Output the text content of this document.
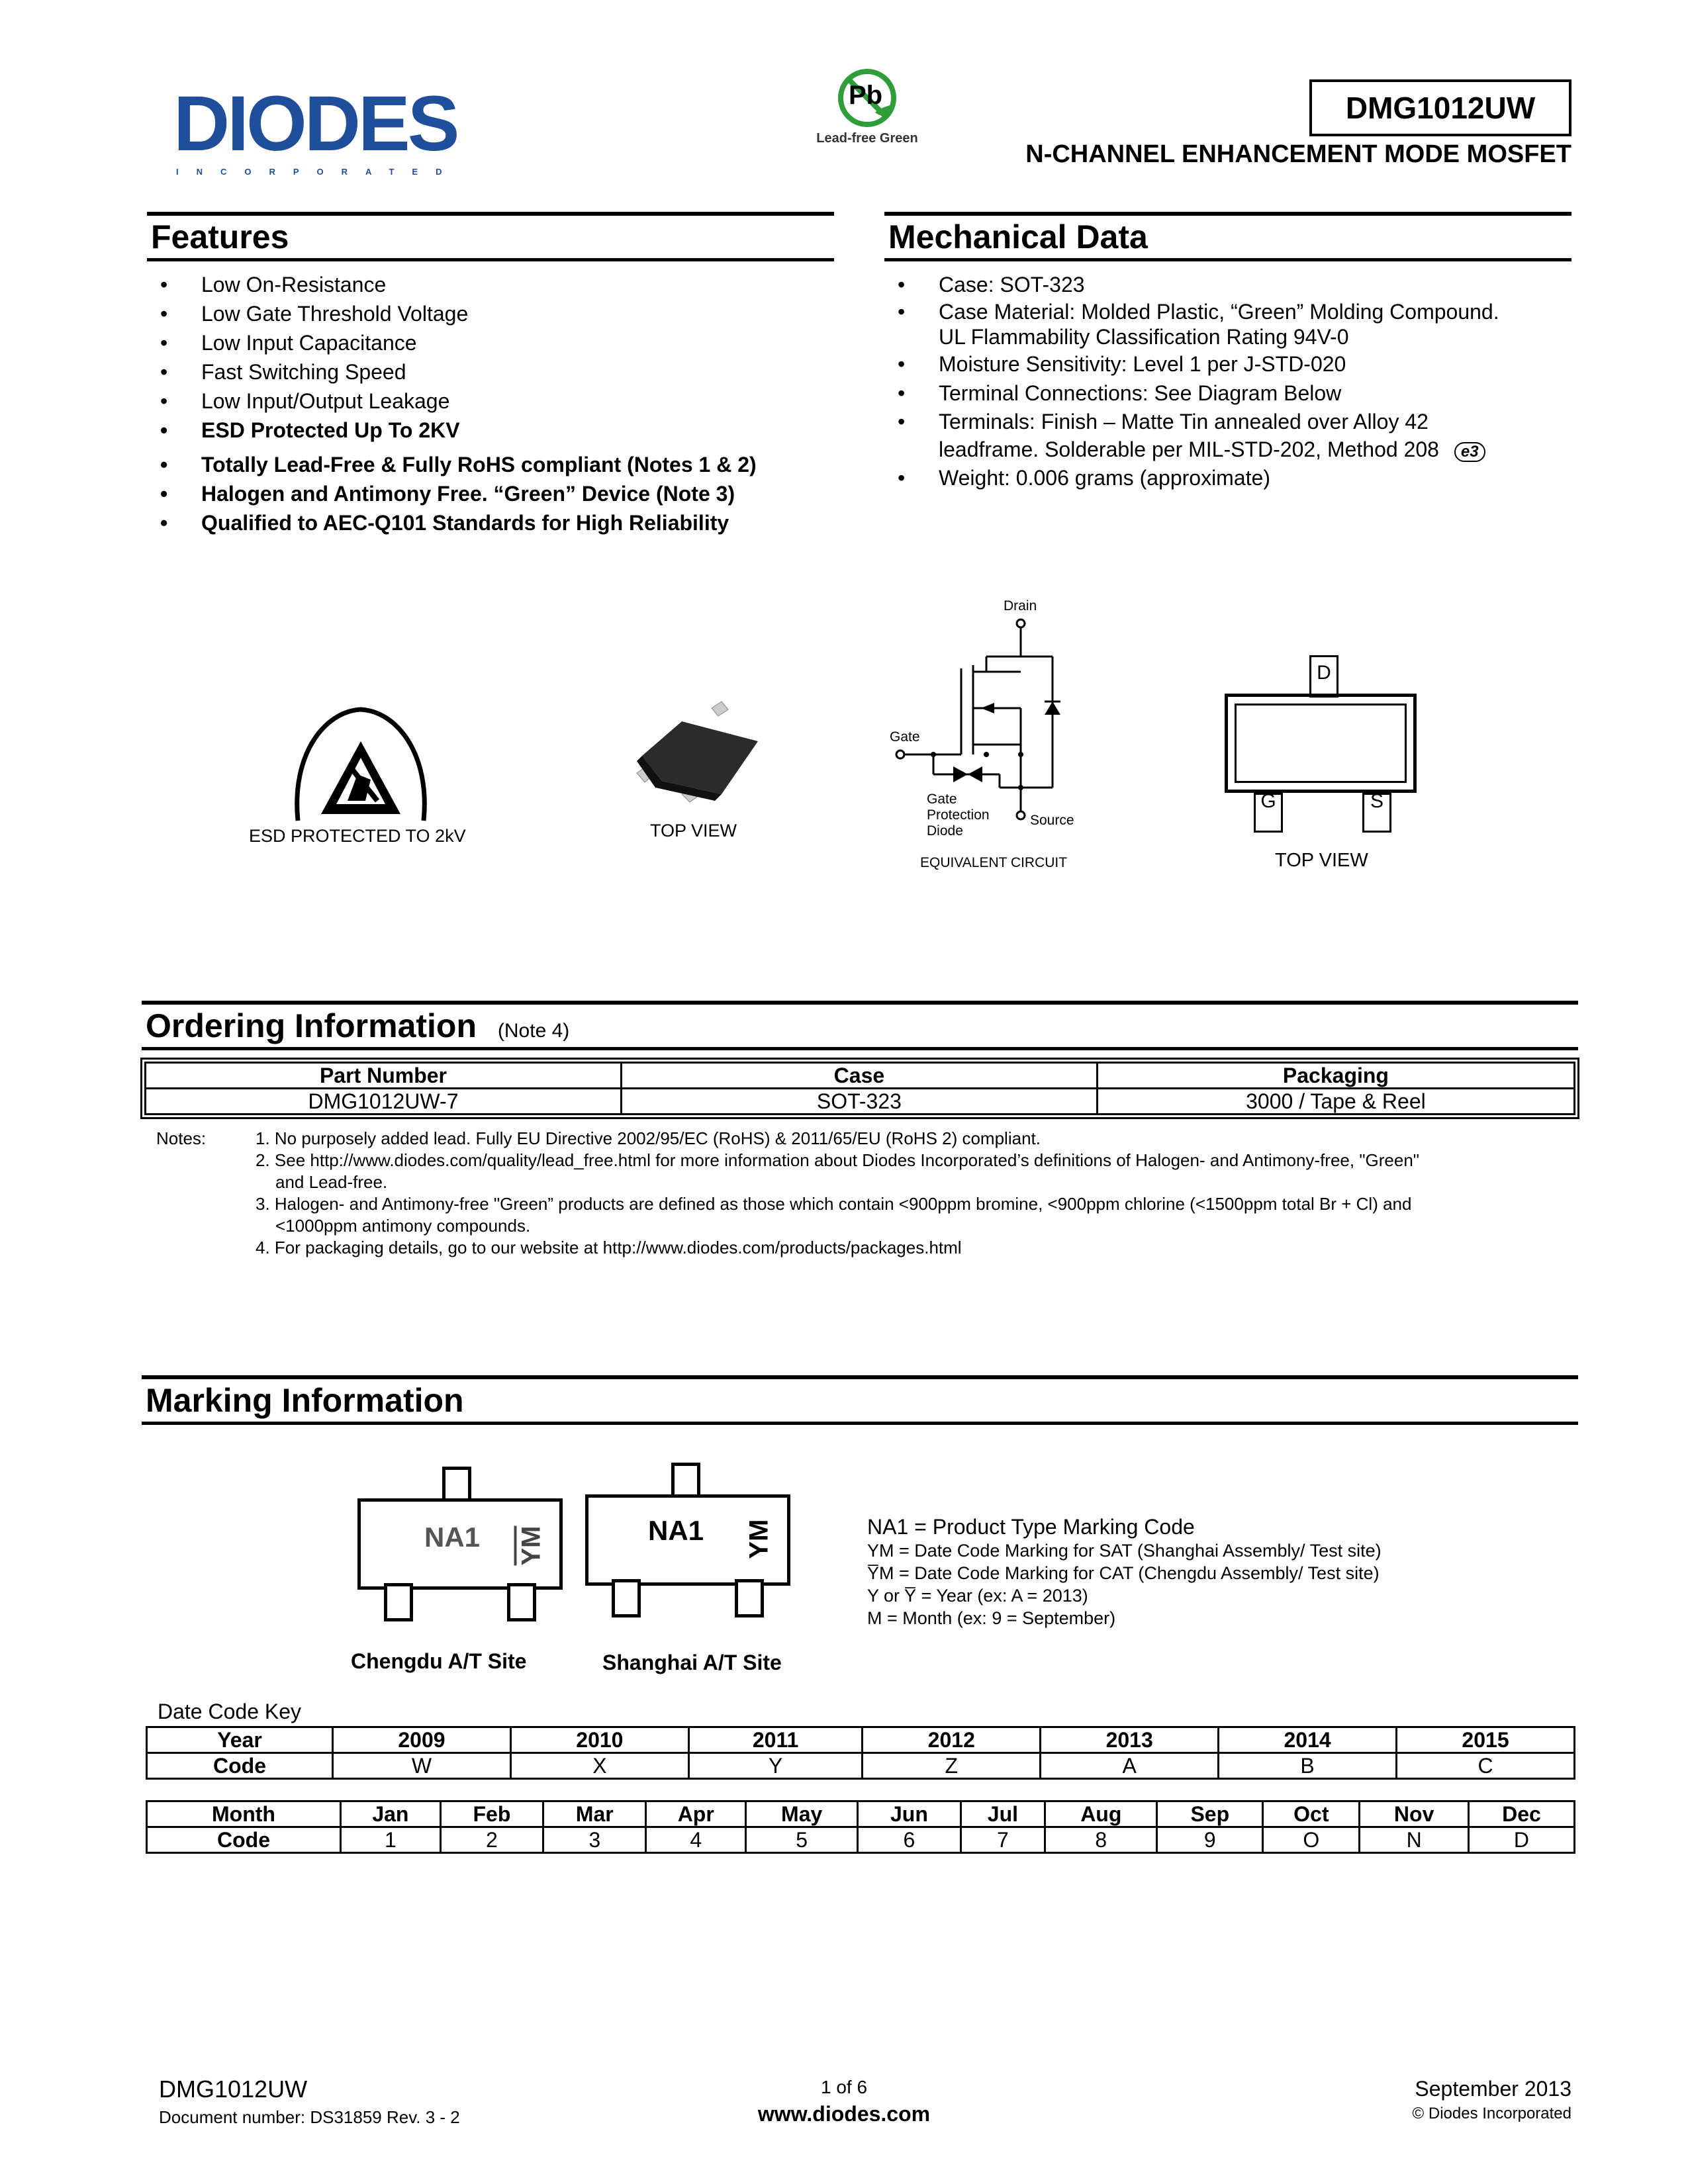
DIODES
INCORPORATED
Pb
Lead-free Green
DMG1012UW
N-CHANNEL ENHANCEMENT MODE MOSFET
Features
• Low On-Resistance
• Low Gate Threshold Voltage
• Low Input Capacitance
• Fast Switching Speed
• Low Input/Output Leakage
• ESD Protected Up To 2KV
• Totally Lead-Free & Fully RoHS compliant (Notes 1 & 2)
• Halogen and Antimony Free. “Green” Device (Note 3)
• Qualified to AEC-Q101 Standards for High Reliability
Mechanical Data
• Case: SOT-323
• Case Material: Molded Plastic, “Green” Molding Compound.
UL Flammability Classification Rating 94V-0
• Moisture Sensitivity: Level 1 per J-STD-020
• Terminal Connections: See Diagram Below
• Terminals: Finish – Matte Tin annealed over Alloy 42
leadframe. Solderable per MIL-STD-202, Method 208 e3
• Weight: 0.006 grams (approximate)
ESD PROTECTED TO 2kV	TOP VIEW
Drain
Gate
Source
Gate
Protection
Diode
EQUIVALENT CIRCUIT
D
G	S
TOP VIEW
Ordering Information (Note 4)
Part Number	Case	Packaging
DMG1012UW-7	SOT-323	3000 / Tape & Reel
Notes:	1. No purposely added lead. Fully EU Directive 2002/95/EC (RoHS) & 2011/65/EU (RoHS 2) compliant.
2. See http://www.diodes.com/quality/lead_free.html for more information about Diodes Incorporated’s definitions of Halogen- and Antimony-free, "Green"
and Lead-free.
3. Halogen- and Antimony-free "Green” products are defined as those which contain <900ppm bromine, <900ppm chlorine (<1500ppm total Br + Cl) and
<1000ppm antimony compounds.
4. For packaging details, go to our website at http://www.diodes.com/products/packages.html
Marking Information
NA1 $\overline{YM}$
Chengdu A/T Site
NA1 YM
Shanghai A/T Site
NA1 = Product Type Marking Code
YM = Date Code Marking for SAT (Shanghai Assembly/ Test site)
Y̅M = Date Code Marking for CAT (Chengdu Assembly/ Test site)
Y or Y̅ = Year (ex: A = 2013)
M = Month (ex: 9 = September)
Date Code Key
Year	2009	2010	2011	2012	2013	2014	2015
Code	W	X	Y	Z	A	B	C
Month	Jan	Feb	Mar	Apr	May	Jun	Jul	Aug	Sep	Oct	Nov	Dec
Code	1	2	3	4	5	6	7	8	9	O	N	D
DMG1012UW
Document number: DS31859 Rev. 3 - 2
1 of 6
www.diodes.com
September 2013
© Diodes Incorporated
